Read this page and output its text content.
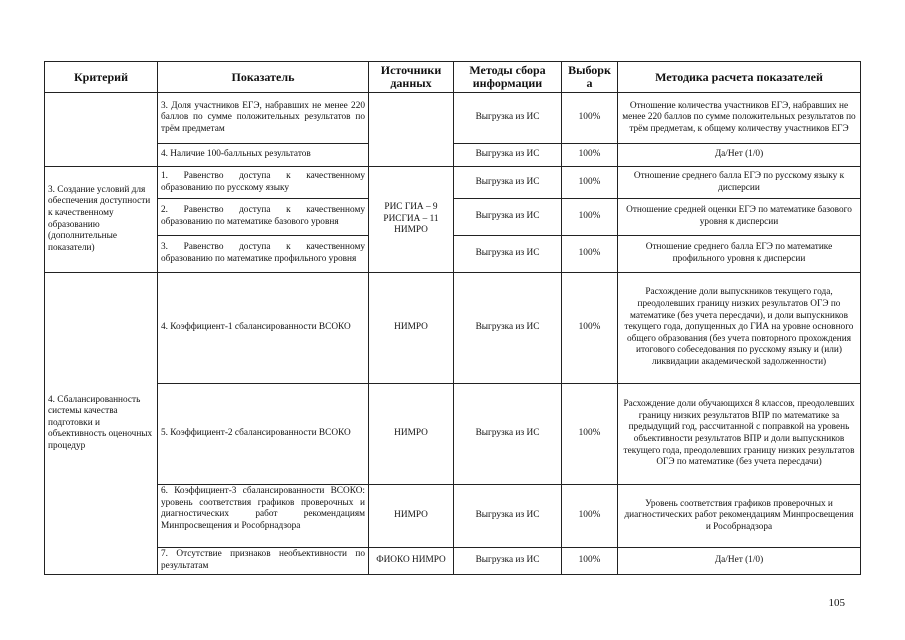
Критерий	Показатель	Источники данных	Методы сбора информации	Выборк а	Методика расчета показателей
	3. Доля участников ЕГЭ, набравших не менее 220 баллов по сумме положительных результатов по трём предметам		Выгрузка из ИС	100%	Отношение количества участников ЕГЭ, набравших не менее 220 баллов по сумме положительных результатов по трём предметам, к общему количеству участников ЕГЭ
	4. Наличие 100-балльных результатов		Выгрузка из ИС	100%	Да/Нет (1/0)
3. Создание условий для обеспечения доступности к качественному образованию (дополнительные показатели)	1. Равенство доступа к качественному образованию по русскому языку	РИС ГИА – 9 РИСГИА – 11 НИМРО	Выгрузка из ИС	100%	Отношение среднего балла ЕГЭ по русскому языку к дисперсии
	2. Равенство доступа к качественному образованию по математике базового уровня		Выгрузка из ИС	100%	Отношение средней оценки ЕГЭ по математике базового уровня к дисперсии
	3. Равенство доступа к качественному образованию по математике профильного уровня		Выгрузка из ИС	100%	Отношение среднего балла ЕГЭ по математике профильного уровня к дисперсии
4. Сбалансированность системы качества подготовки и объективность оценочных процедур	4. Коэффициент-1 сбалансированности ВСОКО	НИМРО	Выгрузка из ИС	100%	Расхождение доли выпускников текущего года, преодолевших границу низких результатов ОГЭ по математике (без учета пересдачи), и доли выпускников текущего года, допущенных до ГИА на уровне основного общего образования (без учета повторного прохождения итогового собеседования по русскому языку и (или) ликвидации академической задолженности)
	5. Коэффициент-2 сбалансированности ВСОКО	НИМРО	Выгрузка из ИС	100%	Расхождение доли обучающихся 8 классов, преодолевших границу низких результатов ВПР по математике за предыдущий год, рассчитанной с поправкой на уровень объективности результатов ВПР и доли выпускников текущего года, преодолевших границу низких результатов ОГЭ по математике (без учета пересдачи)
	6. Коэффициент-3 сбалансированности ВСОКО: уровень соответствия графиков проверочных и диагностических работ рекомендациям Минпросвещения и Рособрнадзора	НИМРО	Выгрузка из ИС	100%	Уровень соответствия графиков проверочных и диагностических работ рекомендациям Минпросвещения и Рособрнадзора
	7. Отсутствие признаков необъективности по результатам	ФИОКО НИМРО	Выгрузка из ИС	100%	Да/Нет (1/0)
105
